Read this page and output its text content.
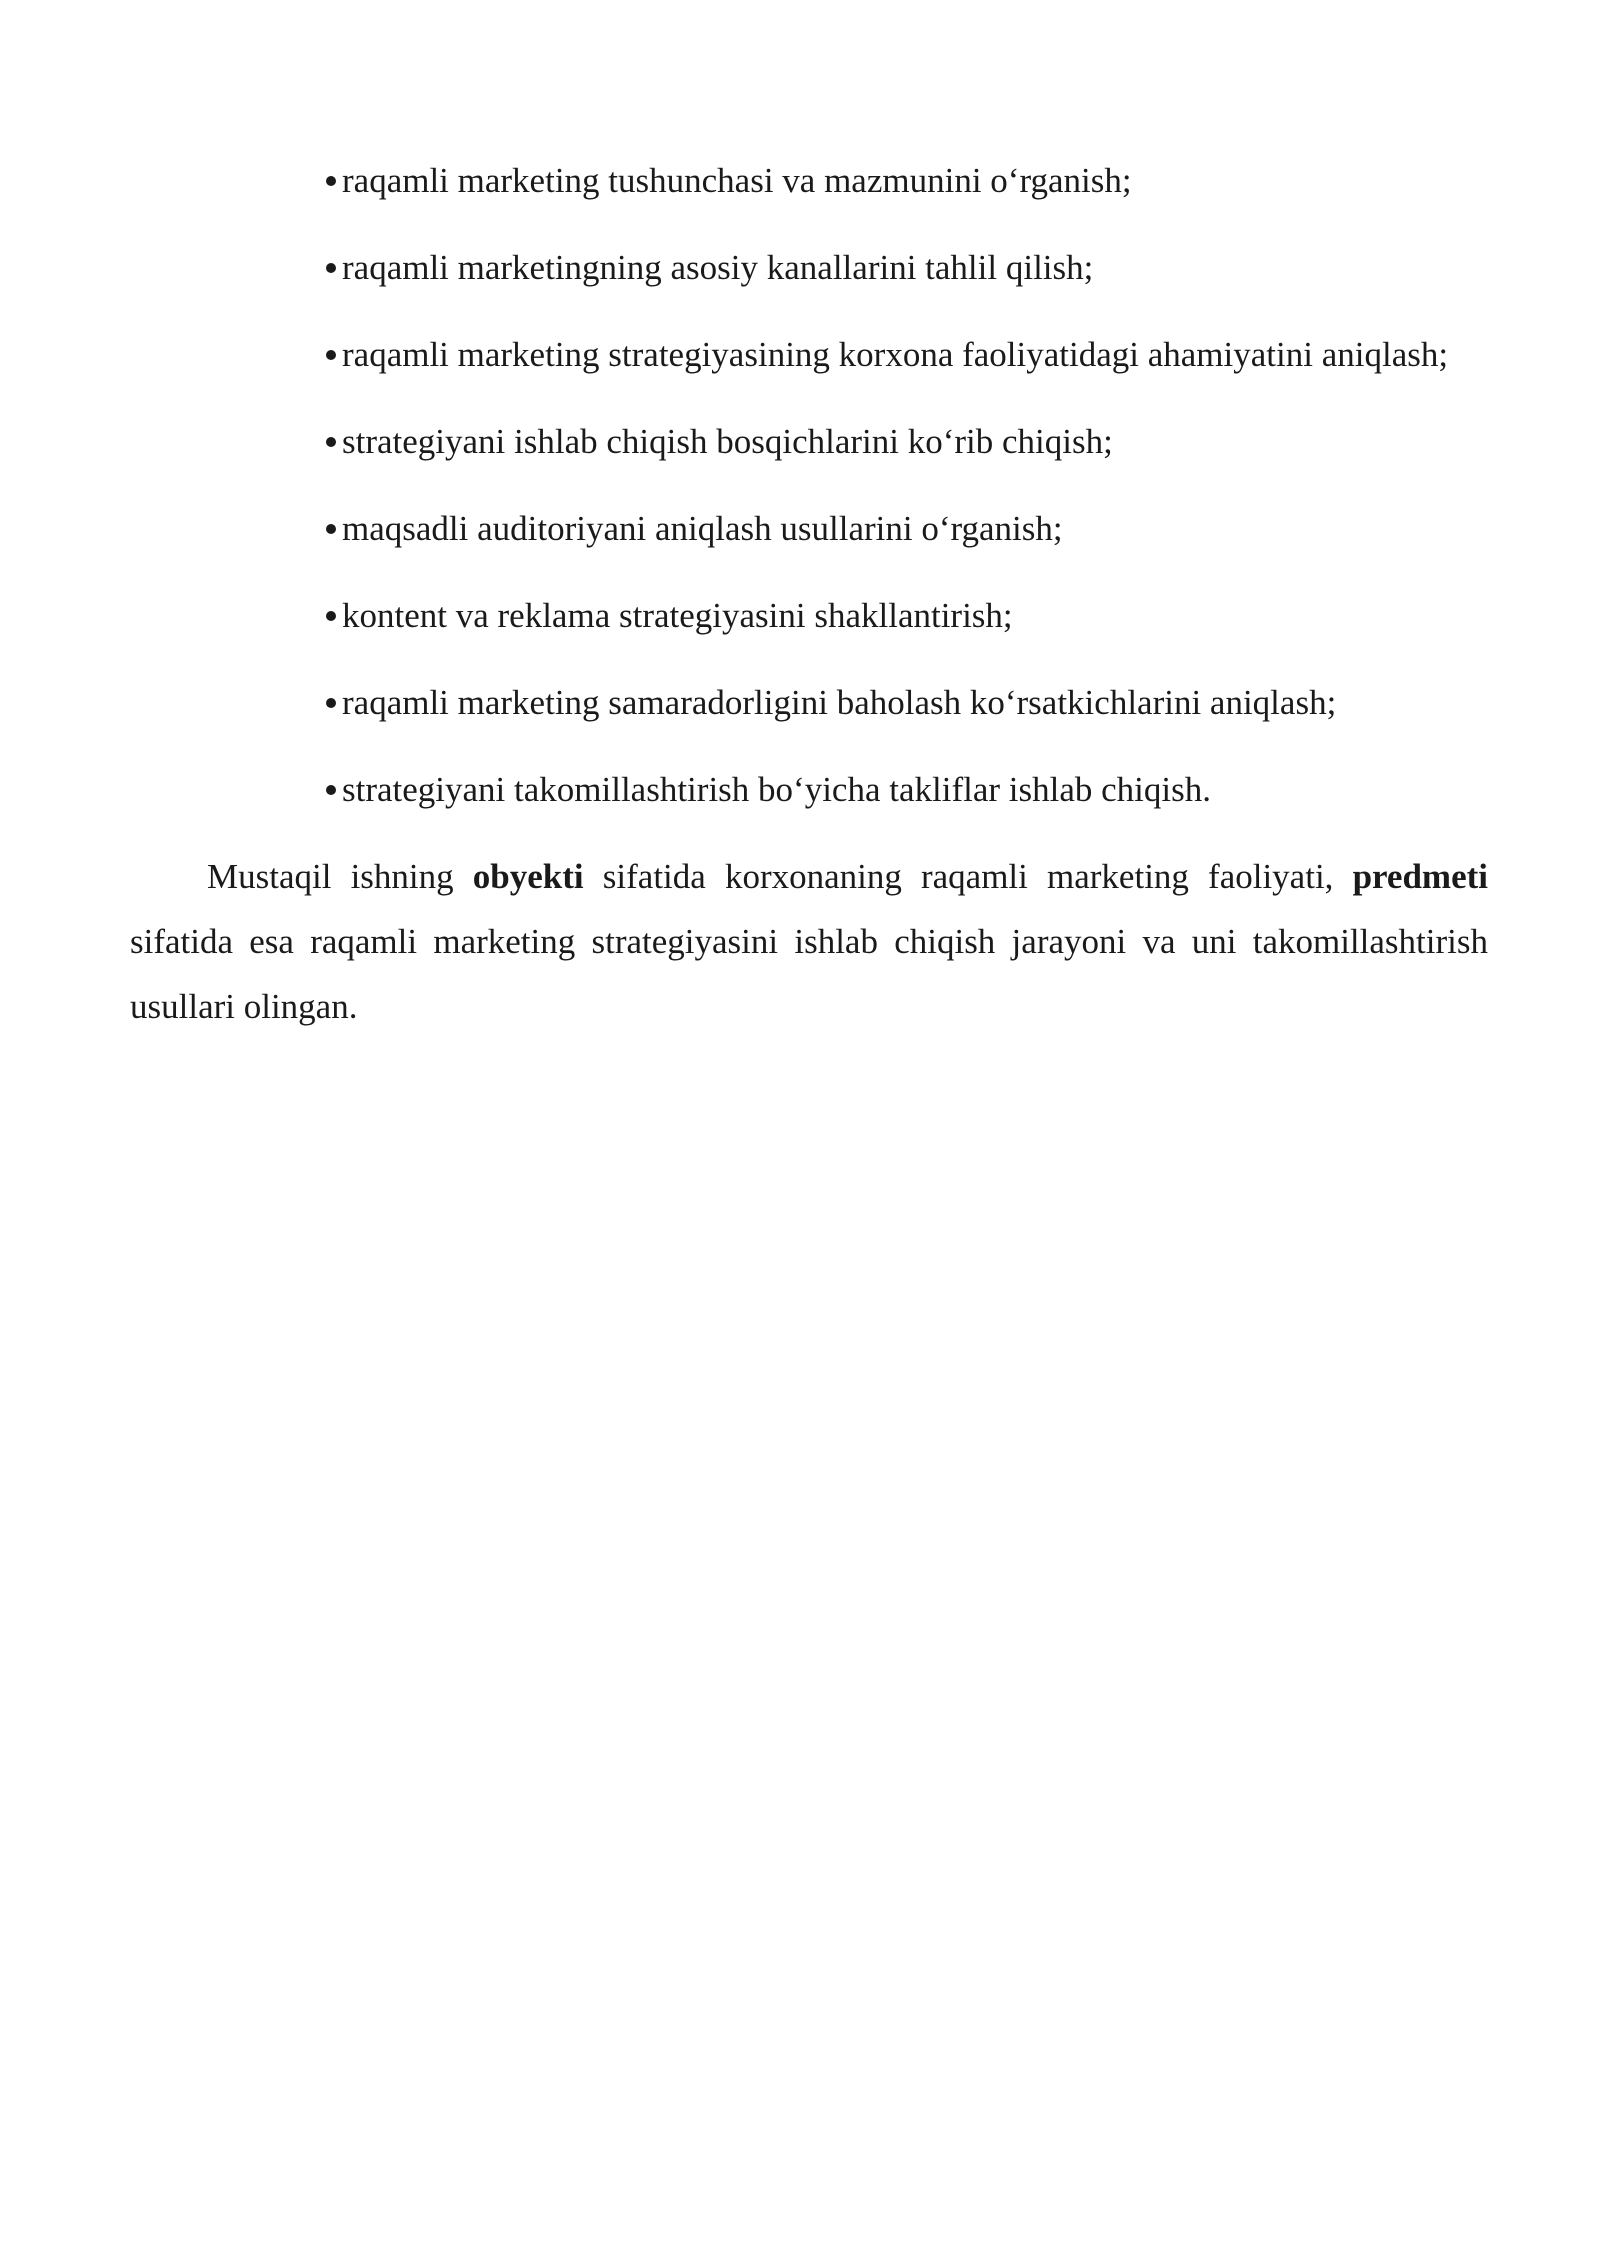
raqamli marketing tushunchasi va mazmunini o‘rganish;
raqamli marketingning asosiy kanallarini tahlil qilish;
raqamli marketing strategiyasining korxona faoliyatidagi ahamiyatini aniqlash;
strategiyani ishlab chiqish bosqichlarini ko‘rib chiqish;
maqsadli auditoriyani aniqlash usullarini o‘rganish;
kontent va reklama strategiyasini shakllantirish;
raqamli marketing samaradorligini baholash ko‘rsatkichlarini aniqlash;
strategiyani takomillashtirish bo‘yicha takliflar ishlab chiqish.

Mustaqil ishning obyekti sifatida korxonaning raqamli marketing faoliyati, predmeti sifatida esa raqamli marketing strategiyasini ishlab chiqish jarayoni va uni takomillashtirish usullari olingan.
